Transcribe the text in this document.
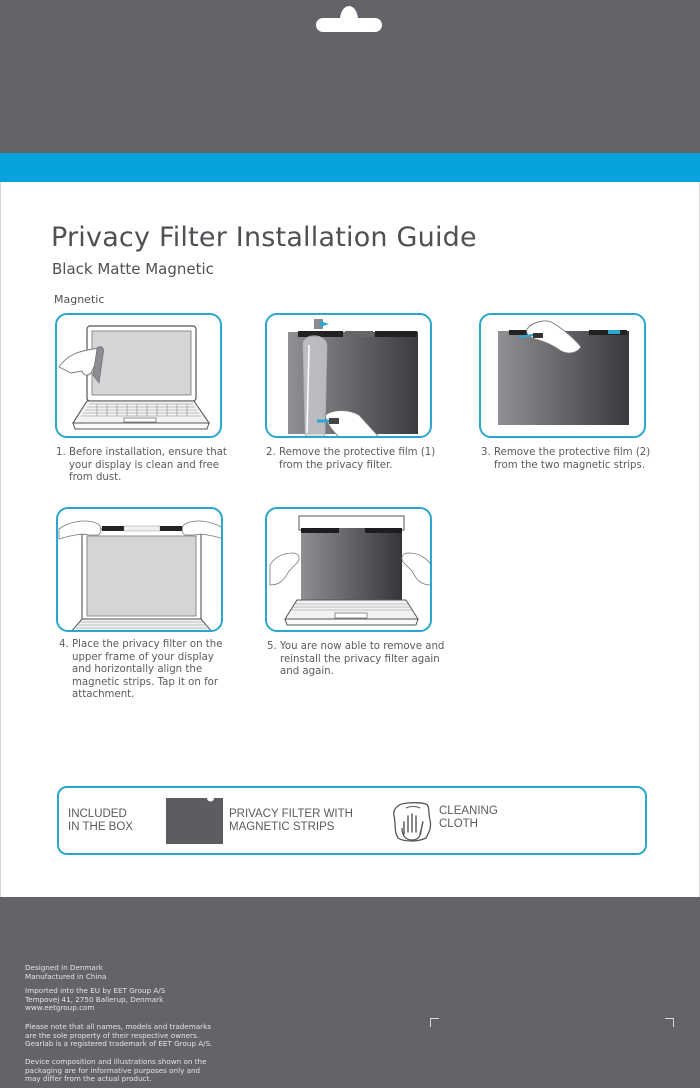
Privacy Filter Installation Guide
Black Matte Magnetic
Magnetic
1. Before installation, ensure that
your display is clean and free
from dust.
2. Remove the protective film (1)
from the privacy filter.
3. Remove the protective film (2)
from the two magnetic strips.
4. Place the privacy filter on the
upper frame of your display
and horizontally align the
magnetic strips. Tap it on for
attachment.
5. You are now able to remove and
reinstall the privacy filter again
and again.
INCLUDED
IN THE BOX
PRIVACY FILTER WITH
MAGNETIC STRIPS
CLEANING
CLOTH
Designed in Denmark
Manufactured in China
Imported into the EU by EET Group A/S
Tempovej 41, 2750 Ballerup, Denmark
www.eetgroup.com
Please note that all names, models and trademarks
are the sole property of their respective owners.
Gearlab is a registered trademark of EET Group A/S.
Device composition and illustrations shown on the
packaging are for informative purposes only and
may differ from the actual product.
